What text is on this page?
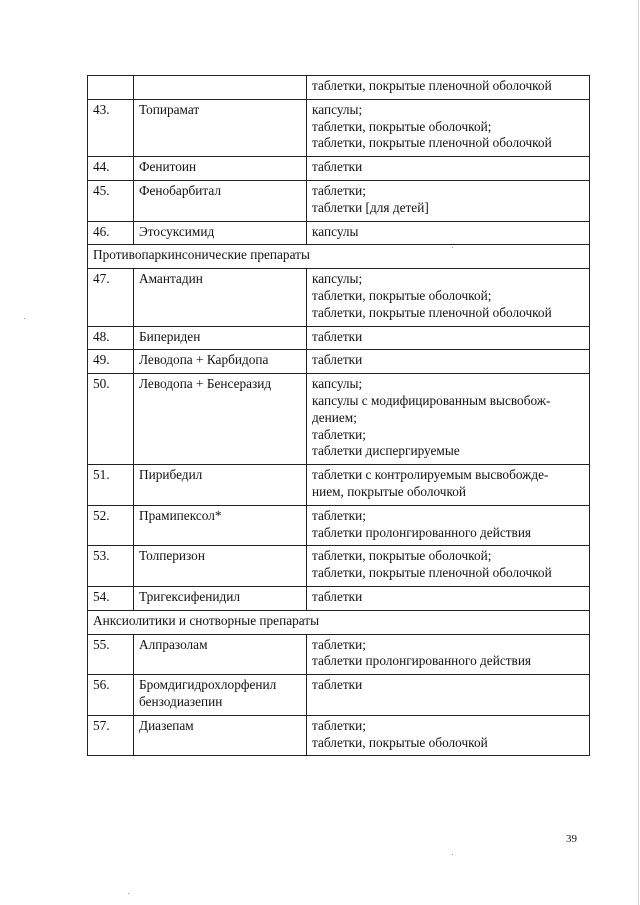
		таблетки, покрытые пленочной оболочкой

43.	Топирамат	капсулы;
таблетки, покрытые оболочкой;
таблетки, покрытые пленочной оболочкой

44.	Фенитоин	таблетки

45.	Фенобарбитал	таблетки;
таблетки [для детей]

46.	Этосуксимид	капсулы

Противопаркинсонические препараты		
47.	Амантадин	капсулы;
таблетки, покрытые оболочкой;
таблетки, покрытые пленочной оболочкой

48.	Бипериден	таблетки

49.	Леводопа + Карбидопа	таблетки

50.	Леводопа + Бенсеразид	капсулы;
капсулы с модифицированным высвобож-
дением;
таблетки;
таблетки диспергируемые

51.	Пирибедил	таблетки с контролируемым высвобожде-
нием, покрытые оболочкой

52.	Прамипексол*	таблетки;
таблетки пролонгированного действия

53.	Толперизон	таблетки, покрытые оболочкой;
таблетки, покрытые пленочной оболочкой

54.	Тригексифенидил	таблетки

Анксиолитики и снотворные препараты		
55.	Алпразолам	таблетки;
таблетки пролонгированного действия

56.	Бромдигидрохлорфенил бензодиазепин	таблетки

57.	Диазепам	таблетки;
таблетки, покрытые оболочкой
39
